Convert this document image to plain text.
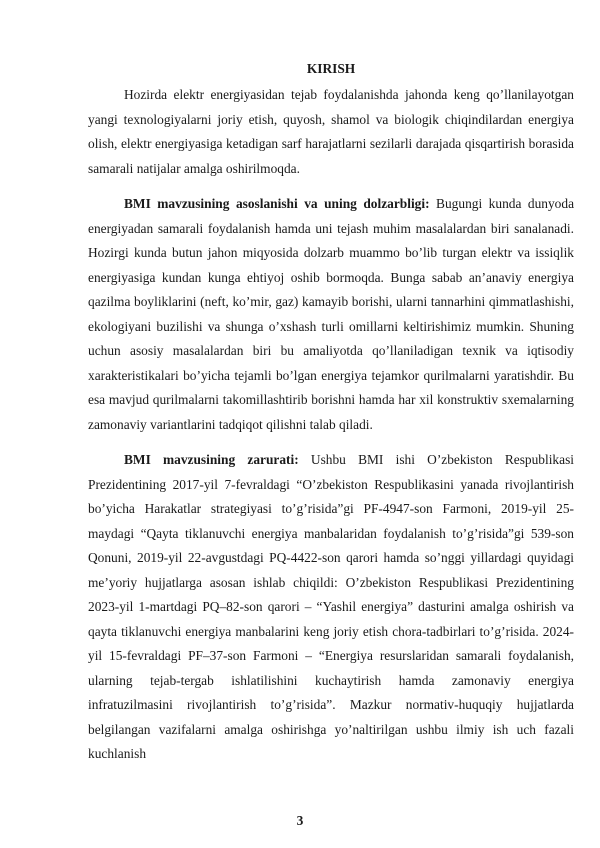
KIRISH

Hozirda elektr energiyasidan tejab foydalanishda jahonda keng qo’llanilayotgan yangi texnologiyalarni joriy etish, quyosh, shamol va biologik chiqindilardan energiya olish, elektr energiyasiga ketadigan sarf harajatlarni sezilarli darajada qisqartirish borasida samarali natijalar amalga oshirilmoqda.

BMI mavzusining asoslanishi va uning dolzarbligi: Bugungi kunda dunyoda energiyadan samarali foydalanish hamda uni tejash muhim masalalardan biri sanalanadi. Hozirgi kunda butun jahon miqyosida dolzarb muammo bo’lib turgan elektr va issiqlik energiyasiga kundan kunga ehtiyoj oshib bormoqda. Bunga sabab an’anaviy energiya qazilma boyliklarini (neft, ko’mir, gaz) kamayib borishi, ularni tannarhini qimmatlashishi, ekologiyani buzilishi va shunga o’xshash turli omillarni keltirishimiz mumkin. Shuning uchun asosiy masalalardan biri bu amaliyotda qo’llaniladigan texnik va iqtisodiy xarakteristikalari bo’yicha tejamli bo’lgan energiya tejamkor qurilmalarni yaratishdir. Bu esa mavjud qurilmalarni takomillashtirib borishni hamda har xil konstruktiv sxemalarning zamonaviy variantlarini tadqiqot qilishni talab qiladi.

BMI mavzusining zarurati: Ushbu BMI ishi O’zbekiston Respublikasi Prezidentining 2017-yil 7-fevraldagi “O’zbekiston Respublikasini yanada rivojlantirish bo’yicha Harakatlar strategiyasi to’g’risida”gi PF-4947-son Farmoni, 2019-yil 25-maydagi “Qayta tiklanuvchi energiya manbalaridan foydalanish to’g’risida”gi 539-son Qonuni, 2019-yil 22-avgustdagi PQ-4422-son qarori hamda so’nggi yillardagi quyidagi me’yoriy hujjatlarga asosan ishlab chiqildi: O’zbekiston Respublikasi Prezidentining 2023-yil 1-martdagi PQ–82-son qarori – “Yashil energiya” dasturini amalga oshirish va qayta tiklanuvchi energiya manbalarini keng joriy etish chora-tadbirlari to’g’risida. 2024-yil 15-fevraldagi PF–37-son Farmoni – “Energiya resurslaridan samarali foydalanish, ularning tejab-tergab ishlatilishini kuchaytirish hamda zamonaviy energiya infratuzilmasini rivojlantirish to’g’risida”. Mazkur normativ-huquqiy hujjatlarda belgilangan vazifalarni amalga oshirishga yo’naltirilgan ushbu ilmiy ish uch fazali kuchlanish

3
